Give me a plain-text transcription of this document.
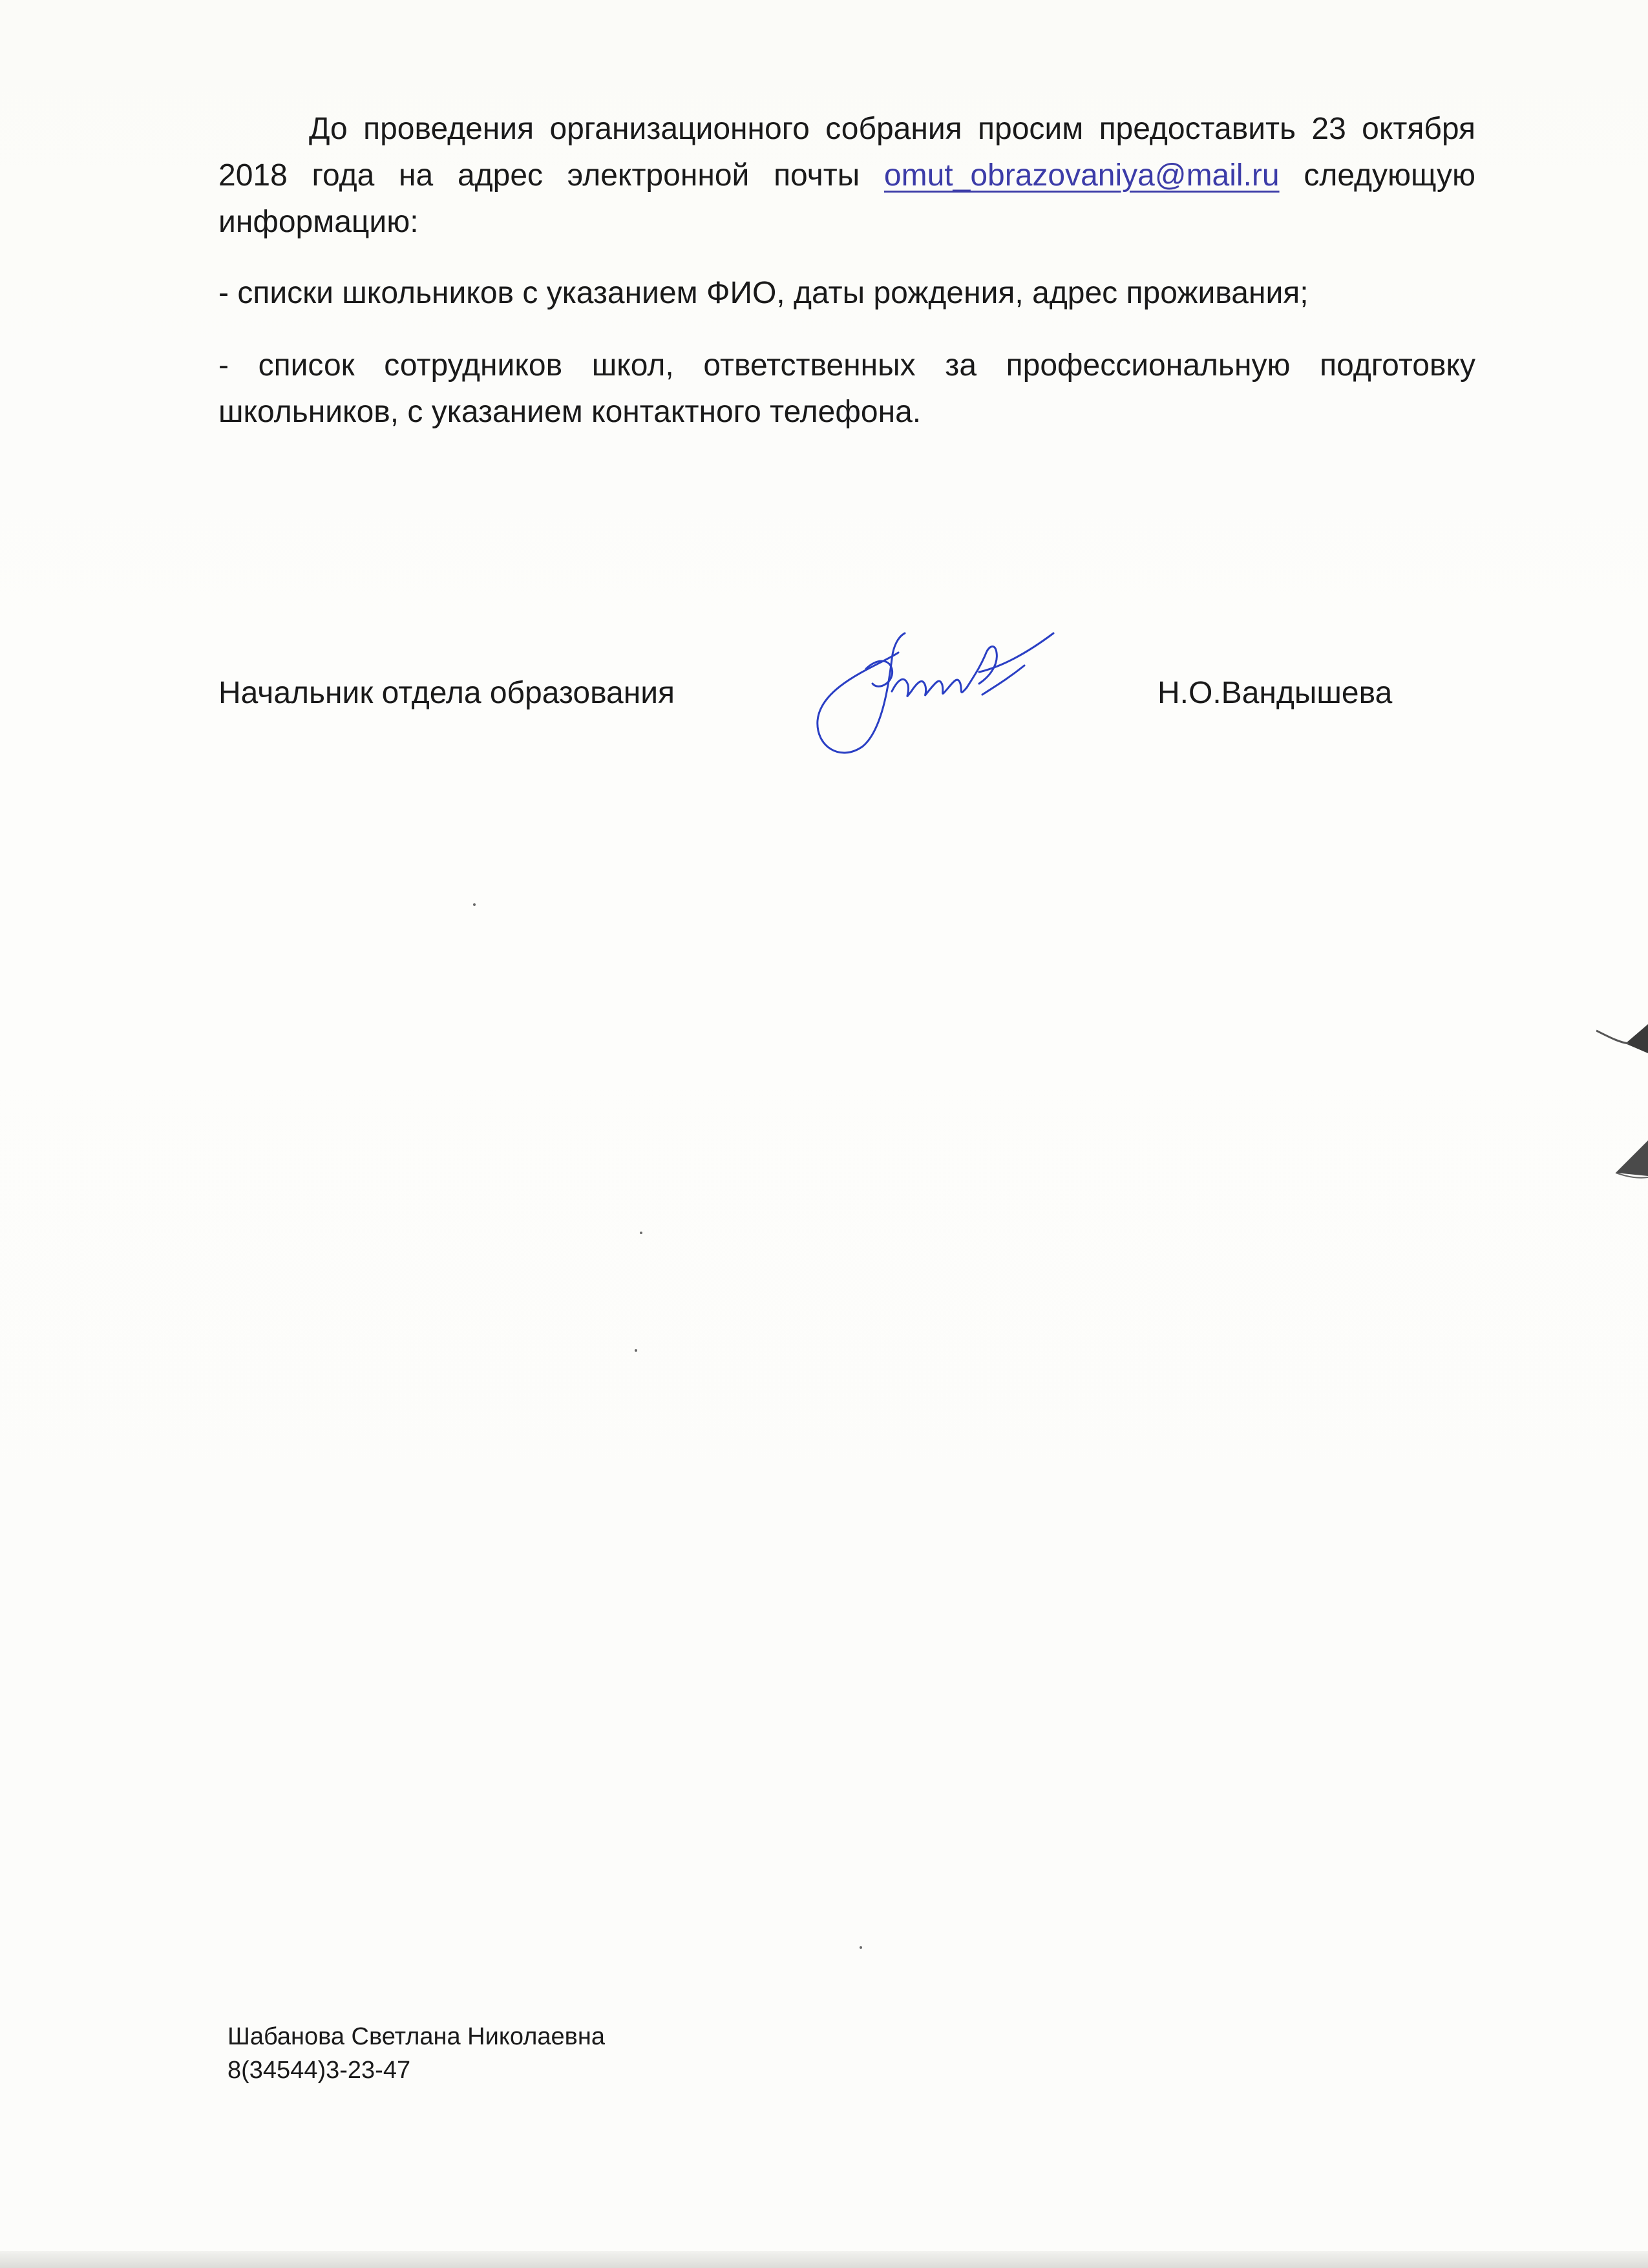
До проведения организационного собрания просим предоставить 23 октября 2018 года на адрес электронной почты omut_obrazovaniya@mail.ru следующую информацию:

- списки школьников с указанием ФИО, даты рождения, адрес проживания;

- список сотрудников школ, ответственных за профессиональную подготовку школьников, с указанием контактного телефона.

Начальник отдела образования	Н.О.Вандышева
Шабанова Светлана Николаевна
8(34544)3-23-47
